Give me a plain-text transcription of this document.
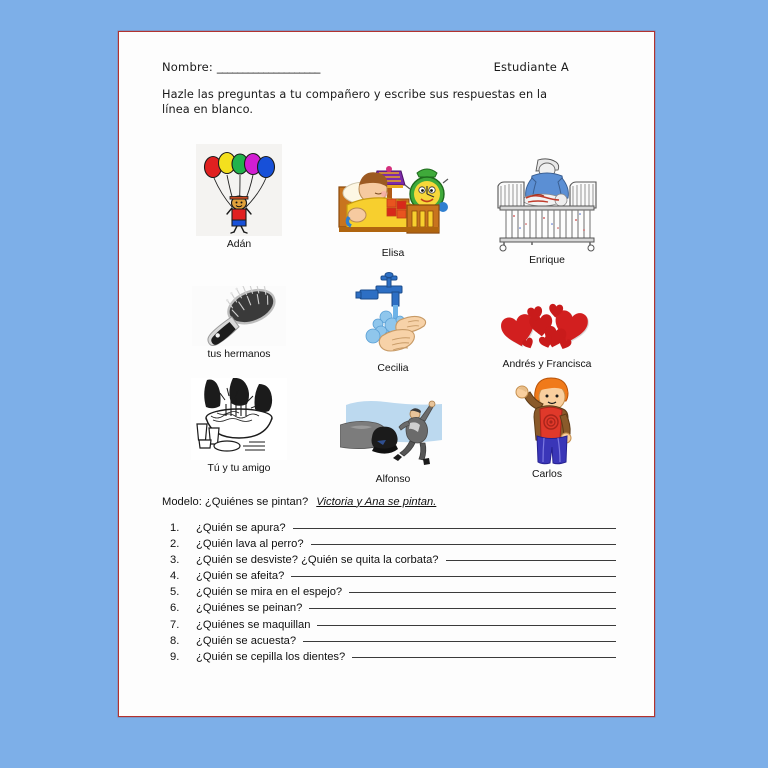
Nombre: ____________________	Estudiante A
Hazle las preguntas a tu compañero y escribe sus respuestas en la línea en blanco.
Adán
Elisa
Enrique
tus hermanos
Cecilia	Andrés y Francisca
Tú y tu amigo
Alfonso	Carlos
Modelo: ¿Quiénes se pintan? Victoria y Ana se pintan.
1.	¿Quién se apura?
2.	¿Quién lava al perro?
3.	¿Quién se desviste? ¿Quién se quita la corbata?
4.	¿Quién se afeita?
5.	¿Quién se mira en el espejo?
6.	¿Quiénes se peinan?
7.	¿Quiénes se maquillan
8.	¿Quién se acuesta?
9.	¿Quién se cepilla los dientes?
